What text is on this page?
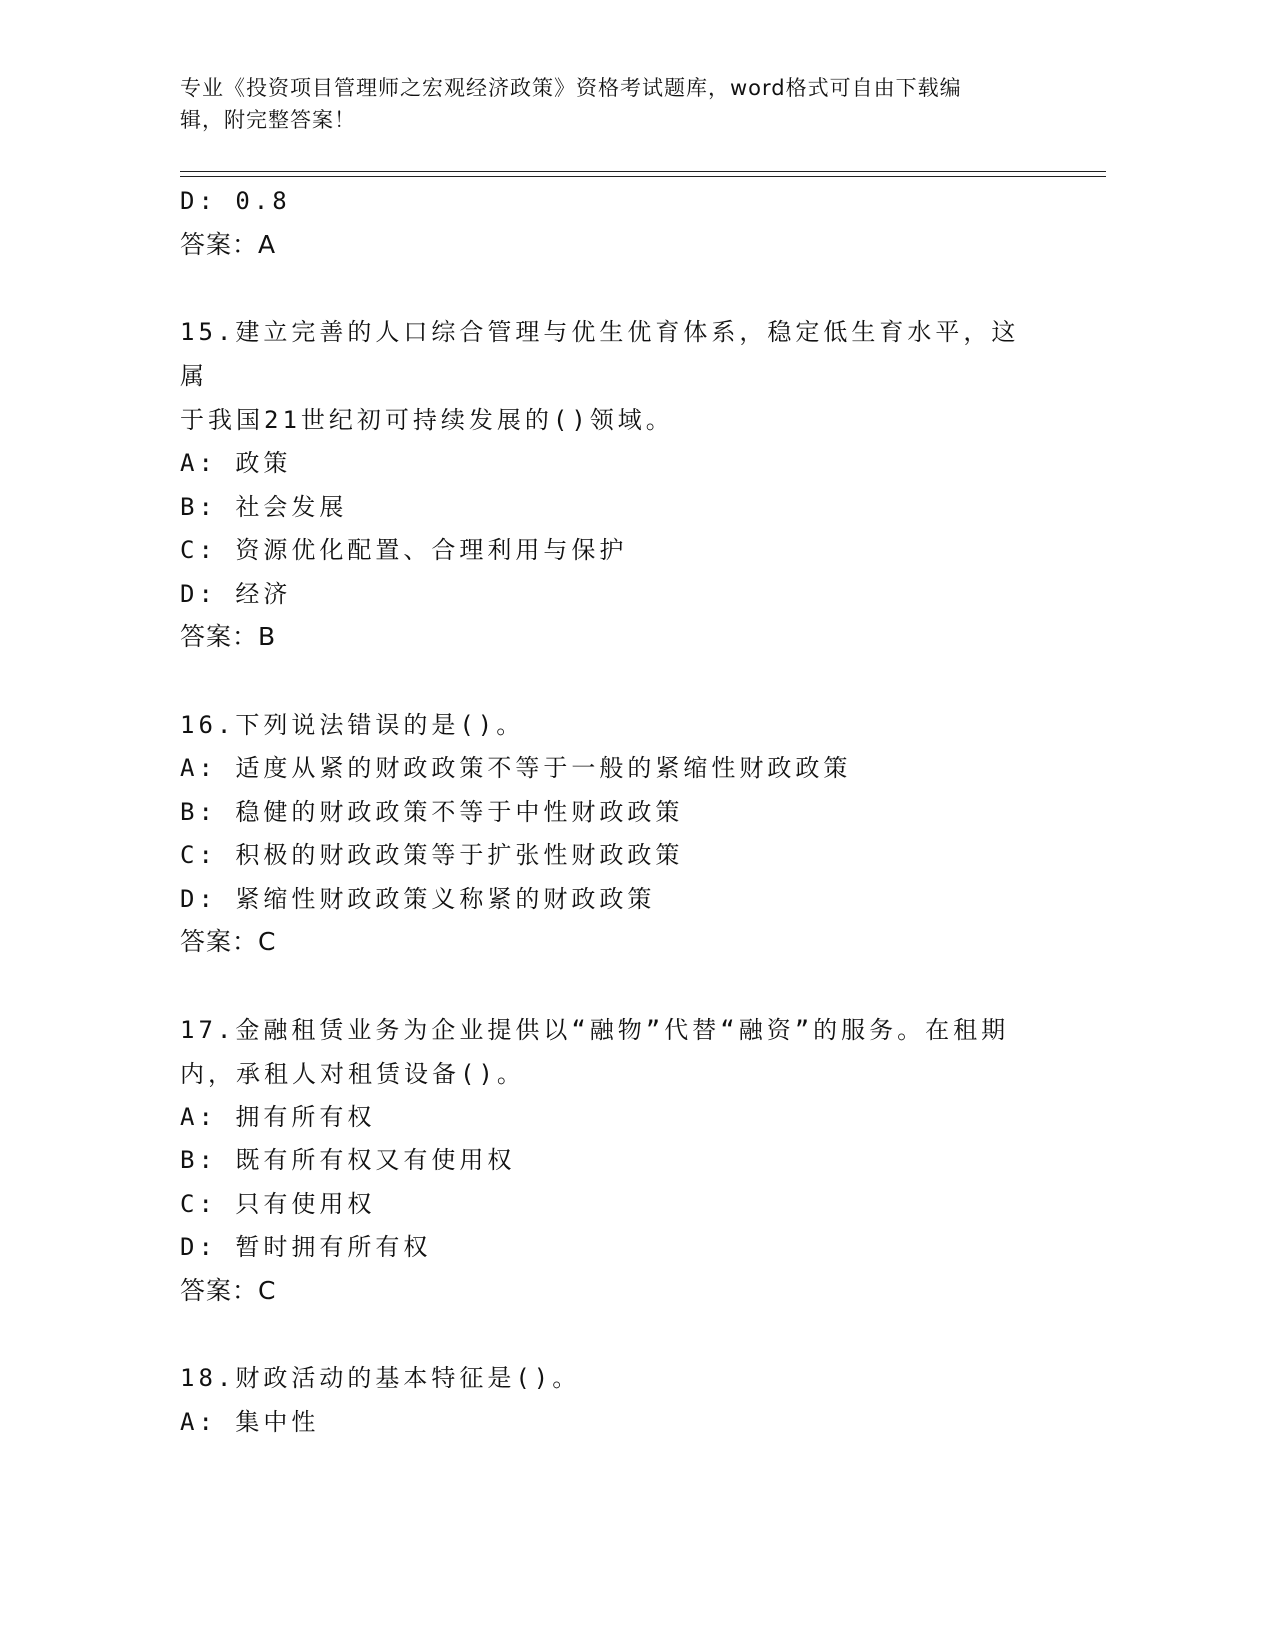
专业《投资项目管理师之宏观经济政策》资格考试题库，word格式可自由下载编
辑，附完整答案！
D: 0.8
答案：A
15.建立完善的人口综合管理与优生优育体系，稳定低生育水平，这属
于我国21世纪初可持续发展的()领域。
A: 政策
B: 社会发展
C: 资源优化配置、合理利用与保护
D: 经济
答案：B
16.下列说法错误的是()。
A: 适度从紧的财政政策不等于一般的紧缩性财政政策
B: 稳健的财政政策不等于中性财政政策
C: 积极的财政政策等于扩张性财政政策
D: 紧缩性财政政策义称紧的财政政策
答案：C
17.金融租赁业务为企业提供以“融物”代替“融资”的服务。在租期
内，承租人对租赁设备()。
A: 拥有所有权
B: 既有所有权又有使用权
C: 只有使用权
D: 暂时拥有所有权
答案：C
18.财政活动的基本特征是()。
A: 集中性
